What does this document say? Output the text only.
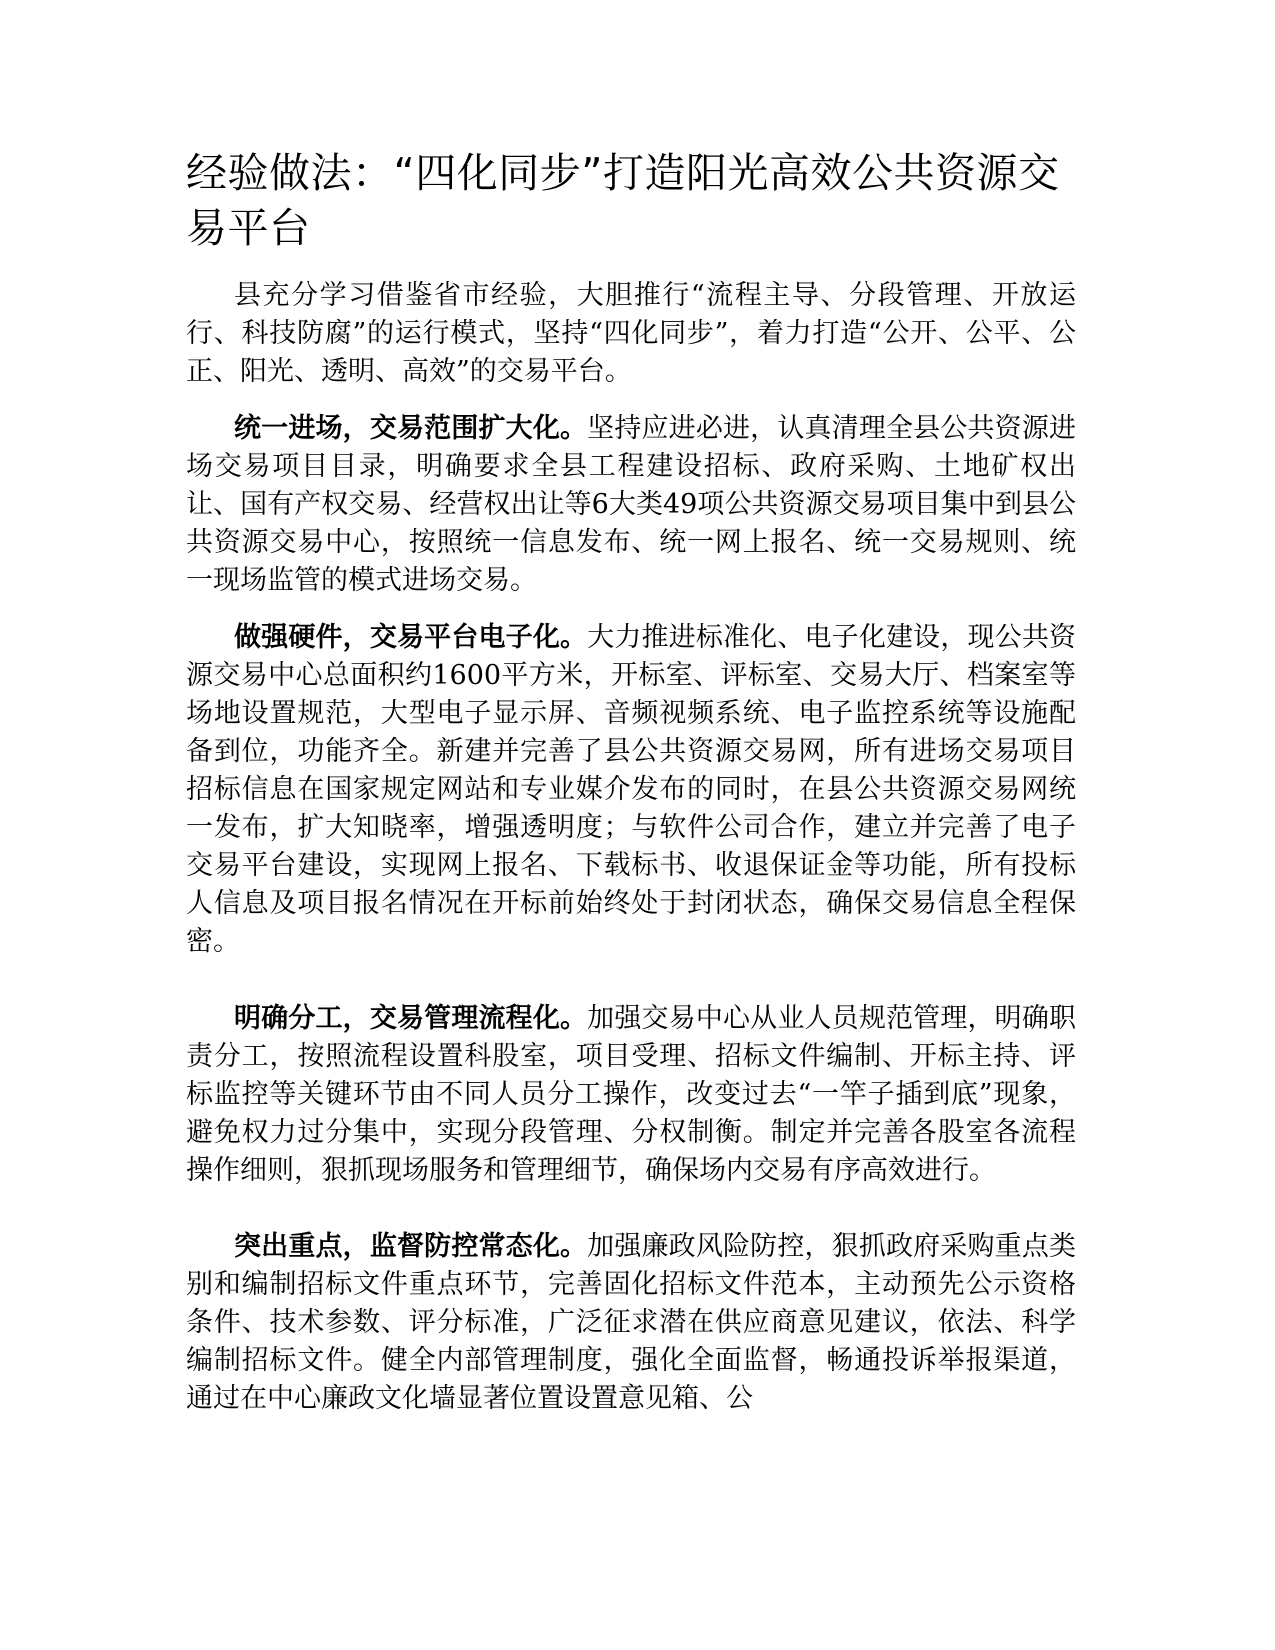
经验做法：“四化同步”打造阳光高效公共资源交易平台

县充分学习借鉴省市经验，大胆推行“流程主导、分段管理、开放运行、科技防腐”的运行模式，坚持“四化同步”，着力打造“公开、公平、公正、阳光、透明、高效”的交易平台。

统一进场，交易范围扩大化。坚持应进必进，认真清理全县公共资源进场交易项目目录，明确要求全县工程建设招标、政府采购、土地矿权出让、国有产权交易、经营权出让等6大类49项公共资源交易项目集中到县公共资源交易中心，按照统一信息发布、统一网上报名、统一交易规则、统一现场监管的模式进场交易。

做强硬件，交易平台电子化。大力推进标准化、电子化建设，现公共资源交易中心总面积约1600平方米，开标室、评标室、交易大厅、档案室等场地设置规范，大型电子显示屏、音频视频系统、电子监控系统等设施配备到位，功能齐全。新建并完善了县公共资源交易网，所有进场交易项目招标信息在国家规定网站和专业媒介发布的同时，在县公共资源交易网统一发布，扩大知晓率，增强透明度；与软件公司合作，建立并完善了电子交易平台建设，实现网上报名、下载标书、收退保证金等功能，所有投标人信息及项目报名情况在开标前始终处于封闭状态，确保交易信息全程保密。

明确分工，交易管理流程化。加强交易中心从业人员规范管理，明确职责分工，按照流程设置科股室，项目受理、招标文件编制、开标主持、评标监控等关键环节由不同人员分工操作，改变过去“一竿子插到底”现象，避免权力过分集中，实现分段管理、分权制衡。制定并完善各股室各流程操作细则，狠抓现场服务和管理细节，确保场内交易有序高效进行。

突出重点，监督防控常态化。加强廉政风险防控，狠抓政府采购重点类别和编制招标文件重点环节，完善固化招标文件范本，主动预先公示资格条件、技术参数、评分标准，广泛征求潜在供应商意见建议，依法、科学编制招标文件。健全内部管理制度，强化全面监督，畅通投诉举报渠道，通过在中心廉政文化墙显著位置设置意见箱、公
